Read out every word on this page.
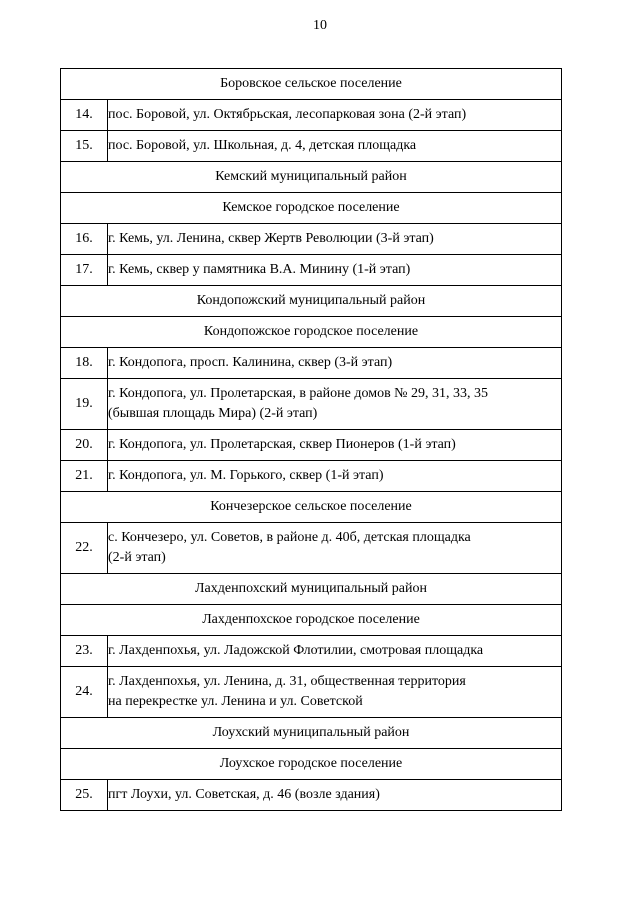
10
Боровское сельское поселение	
14.	пос. Боровой, ул. Октябрьская, лесопарковая зона (2-й этап)

15.	пос. Боровой, ул. Школьная, д. 4, детская площадка

Кемский муниципальный район	
Кемское городское поселение	
16.	г. Кемь, ул. Ленина, сквер Жертв Революции (3-й этап)

17.	г. Кемь, сквер у памятника В.А. Минину (1-й этап)

Кондопожский муниципальный район	
Кондопожское городское поселение	
18.	г. Кондопога, просп. Калинина, сквер (3-й этап)

19.	г. Кондопога, ул. Пролетарская, в районе домов № 29, 31, 33, 35
(бывшая площадь Мира) (2-й этап)

20.	г. Кондопога, ул. Пролетарская, сквер Пионеров (1-й этап)

21.	г. Кондопога, ул. М. Горького, сквер (1-й этап)

Кончезерское сельское поселение	
22.	с. Кончезеро, ул. Советов, в районе д. 40б, детская площадка
(2-й этап)

Лахденпохский муниципальный район	
Лахденпохское городское поселение	
23.	г. Лахденпохья, ул. Ладожской Флотилии, смотровая площадка

24.	г. Лахденпохья, ул. Ленина, д. 31, общественная территория
на перекрестке ул. Ленина и ул. Советской

Лоухский муниципальный район	
Лоухское городское поселение	
25.	пгт Лоухи, ул. Советская, д. 46 (возле здания)
